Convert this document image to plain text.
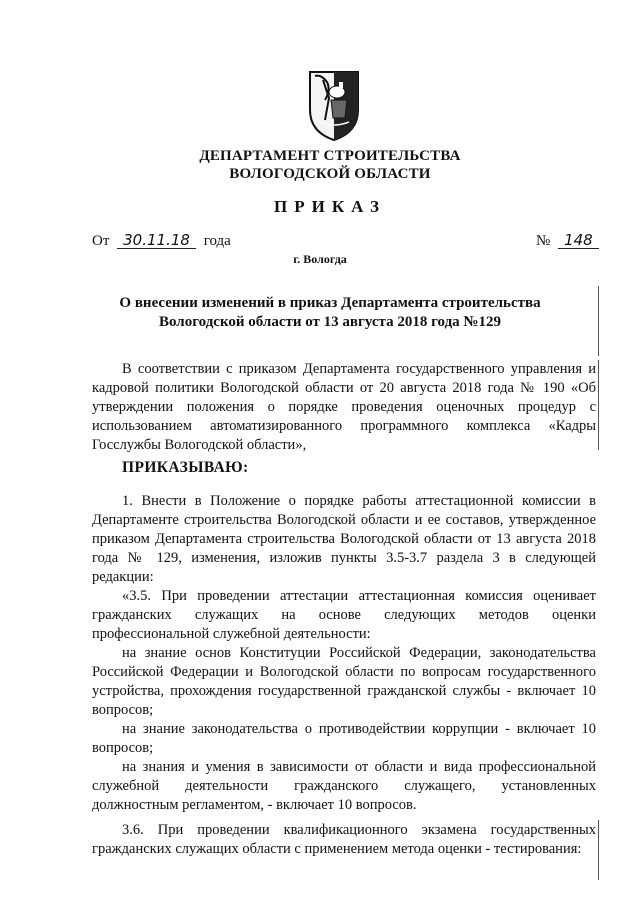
ДЕПАРТАМЕНТ СТРОИТЕЛЬСТВА
ВОЛОГОДСКОЙ ОБЛАСТИ
ПРИКАЗ
От 30.11.18 года	№ 148
г. Вологда
О внесении изменений в приказ Департамента строительства
Вологодской области от 13 августа 2018 года №129

В соответствии с приказом Департамента государственного управления и кадровой политики Вологодской области от 20 августа 2018 года № 190 «Об утверждении положения о порядке проведения оценочных процедур с использованием автоматизированного программного комплекса «Кадры Госслужбы Вологодской области»,

ПРИКАЗЫВАЮ:

1. Внести в Положение о порядке работы аттестационной комиссии в Департаменте строительства Вологодской области и ее составов, утвержденное приказом Департамента строительства Вологодской области от 13 августа 2018 года № 129, изменения, изложив пункты 3.5-3.7 раздела 3 в следующей редакции:

«3.5. При проведении аттестации аттестационная комиссия оценивает гражданских служащих на основе следующих методов оценки профессиональной служебной деятельности:

на знание основ Конституции Российской Федерации, законодательства Российской Федерации и Вологодской области по вопросам государственного устройства, прохождения государственной гражданской службы - включает 10 вопросов;

на знание законодательства о противодействии коррупции - включает 10 вопросов;

на знания и умения в зависимости от области и вида профессиональной служебной деятельности гражданского служащего, установленных должностным регламентом, - включает 10 вопросов.

3.6. При проведении квалификационного экзамена государственных гражданских служащих области с применением метода оценки - тестирования:
